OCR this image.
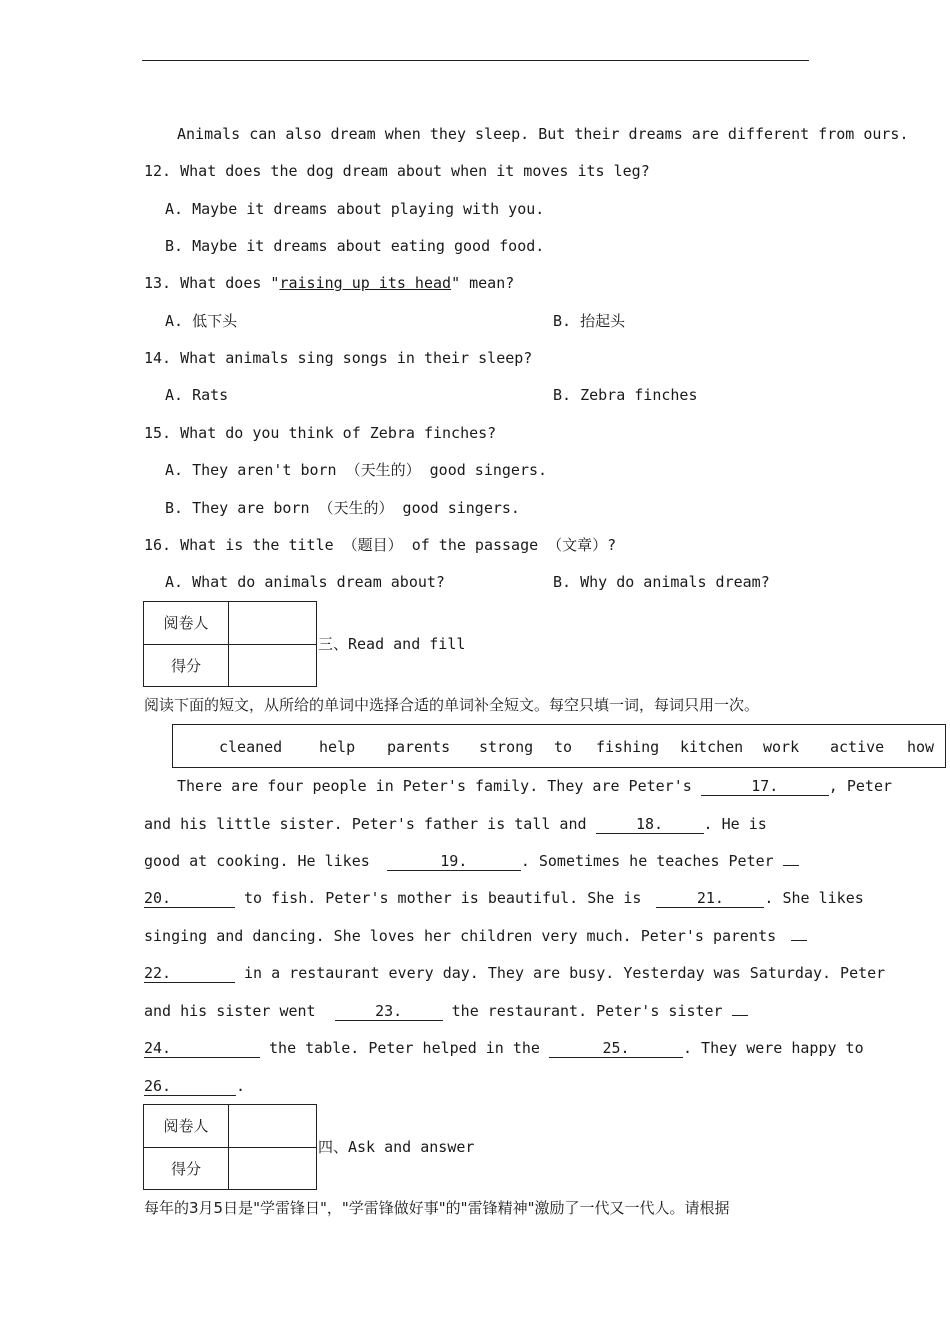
Animals can also dream when they sleep. But their dreams are different from ours.
12. What does the dog dream about when it moves its leg?
A. Maybe it dreams about playing with you.
B. Maybe it dreams about eating good food.
13. What does "raising up its head" mean?
A. 低下头	B. 抬起头
14. What animals sing songs in their sleep?
A. Rats	B. Zebra finches
15. What do you think of Zebra finches?
A. They aren't born （天生的） good singers.
B. They are born （天生的） good singers.
16. What is the title （题目） of the passage （文章）?
A. What do animals dream about?	B. Why do animals dream?
阅卷人
得分
三、Read and fill
阅读下面的短文，从所给的单词中选择合适的单词补全短文。每空只填一词，每词只用一次。
cleaned help parents strong to fishing kitchen work active how
There are four people in Peter's family. They are Peter's	17.	, Peter
and his little sister. Peter's father is tall and	18.	. He is
good at cooking. He likes	19.	. Sometimes he teaches Peter
20.	to fish. Peter's mother is beautiful. She is	21.	. She likes
singing and dancing. She loves her children very much. Peter's parents
22.	in a restaurant every day. They are busy. Yesterday was Saturday. Peter
and his sister went	23.	the restaurant. Peter's sister
24.	the table. Peter helped in the	25.	. They were happy to
26.	.
阅卷人
得分
四、Ask and answer
每年的3月5日是"学雷锋日"，"学雷锋做好事"的"雷锋精神"激励了一代又一代人。请根据
